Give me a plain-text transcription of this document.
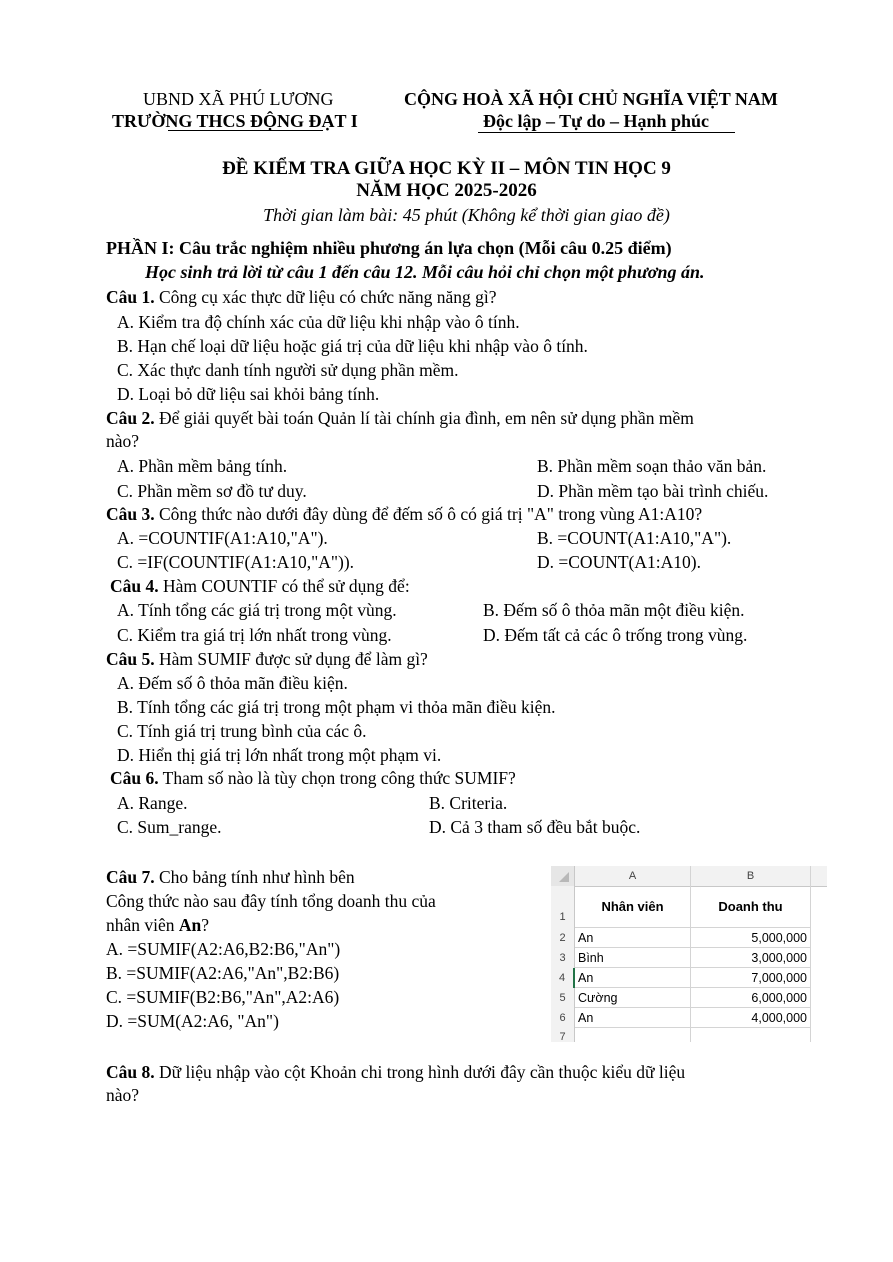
UBND XÃ PHÚ LƯƠNG
TRƯỜNG THCS ĐỘNG ĐẠT I
CỘNG HOÀ XÃ HỘI CHỦ NGHĨA VIỆT NAM
Độc lập – Tự do – Hạnh phúc
ĐỀ KIỂM TRA GIỮA HỌC KỲ II – MÔN TIN HỌC 9
NĂM HỌC 2025-2026
Thời gian làm bài: 45 phút (Không kể thời gian giao đề)
PHẦN I: Câu trắc nghiệm nhiều phương án lựa chọn (Mỗi câu 0.25 điểm)
Học sinh trả lời từ câu 1 đến câu 12. Mỗi câu hỏi chỉ chọn một phương án.
Câu 1. Công cụ xác thực dữ liệu có chức năng năng gì?
A. Kiểm tra độ chính xác của dữ liệu khi nhập vào ô tính.
B. Hạn chế loại dữ liệu hoặc giá trị của dữ liệu khi nhập vào ô tính.
C. Xác thực danh tính người sử dụng phần mềm.
D. Loại bỏ dữ liệu sai khỏi bảng tính.
Câu 2. Để giải quyết bài toán Quản lí tài chính gia đình, em nên sử dụng phần mềm
nào?
A. Phần mềm bảng tính.	B. Phần mềm soạn thảo văn bản.
C. Phần mềm sơ đồ tư duy.	D. Phần mềm tạo bài trình chiếu.
Câu 3. Công thức nào dưới đây dùng để đếm số ô có giá trị "A" trong vùng A1:A10?
A. =COUNTIF(A1:A10,"A").	B. =COUNT(A1:A10,"A").
C. =IF(COUNTIF(A1:A10,"A")).	D. =COUNT(A1:A10).
Câu 4. Hàm COUNTIF có thể sử dụng để:
A. Tính tổng các giá trị trong một vùng.	B. Đếm số ô thỏa mãn một điều kiện.
C. Kiểm tra giá trị lớn nhất trong vùng.	D. Đếm tất cả các ô trống trong vùng.
Câu 5. Hàm SUMIF được sử dụng để làm gì?
A. Đếm số ô thỏa mãn điều kiện.
B. Tính tổng các giá trị trong một phạm vi thỏa mãn điều kiện.
C. Tính giá trị trung bình của các ô.
D. Hiển thị giá trị lớn nhất trong một phạm vi.
Câu 6. Tham số nào là tùy chọn trong công thức SUMIF?
A. Range.	B. Criteria.
C. Sum_range.	D. Cả 3 tham số đều bắt buộc.
Câu 7. Cho bảng tính như hình bên
Công thức nào sau đây tính tổng doanh thu của
nhân viên An?
A. =SUMIF(A2:A6,B2:B6,"An")
B. =SUMIF(A2:A6,"An",B2:B6)
C. =SUMIF(B2:B6,"An",A2:A6)
D. =SUM(A2:A6, "An")
A	B
1
Nhân viên	Doanh thu
2 An	5,000,000
3 Bình	3,000,000
4	An	7,000,000
5 Cường	6,000,000
6 An	4,000,000
7
Câu 8. Dữ liệu nhập vào cột Khoản chi trong hình dưới đây cần thuộc kiểu dữ liệu
nào?
